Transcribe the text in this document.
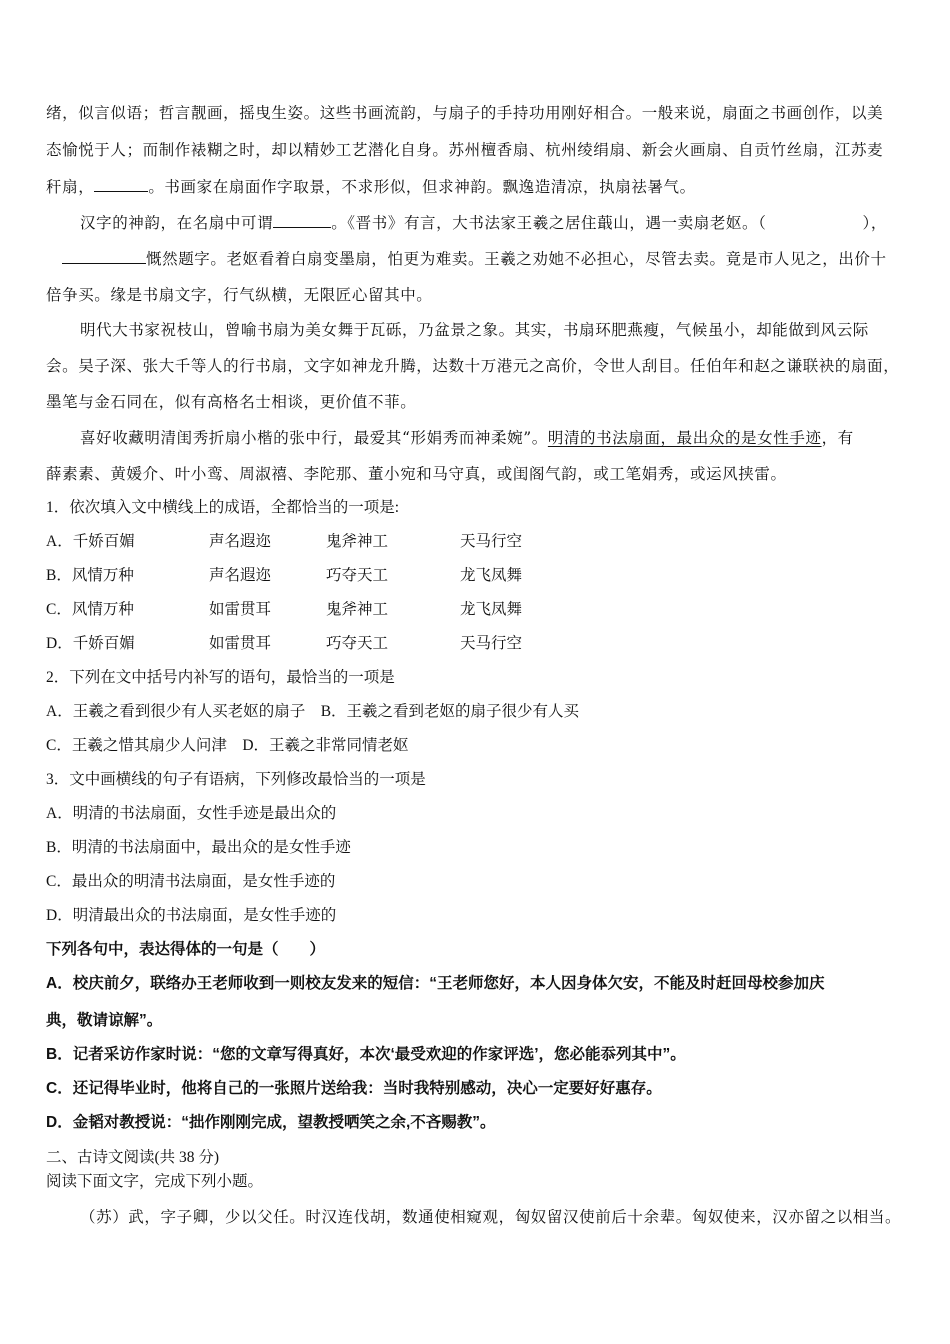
绪，似言似语；哲言靓画，摇曳生姿。这些书画流韵，与扇子的手持功用刚好相合。一般来说，扇面之书画创作，以美
态愉悦于人；而制作裱糊之时，却以精妙工艺潜化自身。苏州檀香扇、杭州绫绢扇、新会火画扇、自贡竹丝扇，江苏麦
秆扇，	。书画家在扇面作字取景，不求形似，但求神韵。飘逸造清凉，执扇祛暑气。
汉字的神韵，在名扇中可谓	。《晋书》有言，大书法家王羲之居住蕺山，遇一卖扇老妪。（	），
慨然题字。老妪看着白扇变墨扇，怕更为难卖。王羲之劝她不必担心，尽管去卖。竟是市人见之，出价十
倍争买。缘是书扇文字，行气纵横，无限匠心留其中。
明代大书家祝枝山，曾喻书扇为美女舞于瓦砾，乃盆景之象。其实，书扇环肥燕瘦，气候虽小，却能做到风云际
会。吴子深、张大千等人的行书扇，文字如神龙升腾，达数十万港元之高价，令世人刮目。任伯年和赵之谦联袂的扇面，
墨笔与金石同在，似有高格名士相谈，更价值不菲。
喜好收藏明清闺秀折扇小楷的张中行，最爱其“形娟秀而神柔婉”。明清的书法扇面，最出众的是女性手迹，有
薛素素、黄媛介、叶小鸾、周淑禧、李陀那、董小宛和马守真，或闺阁气韵，或工笔娟秀，或运风挟雷。
1．依次填入文中横线上的成语，全都恰当的一项是:
A．千娇百媚	声名遐迩	鬼斧神工	天马行空
B．风情万种	声名遐迩	巧夺天工	龙飞凤舞
C．风情万种	如雷贯耳	鬼斧神工	龙飞凤舞
D．千娇百媚	如雷贯耳	巧夺天工	天马行空
2．下列在文中括号内补写的语句，最恰当的一项是
A．王羲之看到很少有人买老妪的扇子　B．王羲之看到老妪的扇子很少有人买
C．王羲之惜其扇少人问津　D．王羲之非常同情老妪
3．文中画横线的句子有语病，下列修改最恰当的一项是
A．明清的书法扇面，女性手迹是最出众的
B．明清的书法扇面中，最出众的是女性手迹
C．最出众的明清书法扇面，是女性手迹的
D．明清最出众的书法扇面，是女性手迹的
下列各句中，表达得体的一句是（　　）
A．校庆前夕，联络办王老师收到一则校友发来的短信：“王老师您好，本人因身体欠安，不能及时赶回母校参加庆
典，敬请谅解”。
B．记者采访作家时说：“您的文章写得真好，本次‘最受欢迎的作家评选’，您必能忝列其中”。
C．还记得毕业时，他将自己的一张照片送给我：当时我特别感动，决心一定要好好惠存。
D．金韬对教授说：“拙作刚刚完成，望教授哂笑之余,不吝赐教”。
二、古诗文阅读(共 38 分)
阅读下面文字，完成下列小题。
（苏）武，字子卿，少以父任。时汉连伐胡，数通使相窥观，匈奴留汉使前后十余辈。匈奴使来，汉亦留之以相当。
